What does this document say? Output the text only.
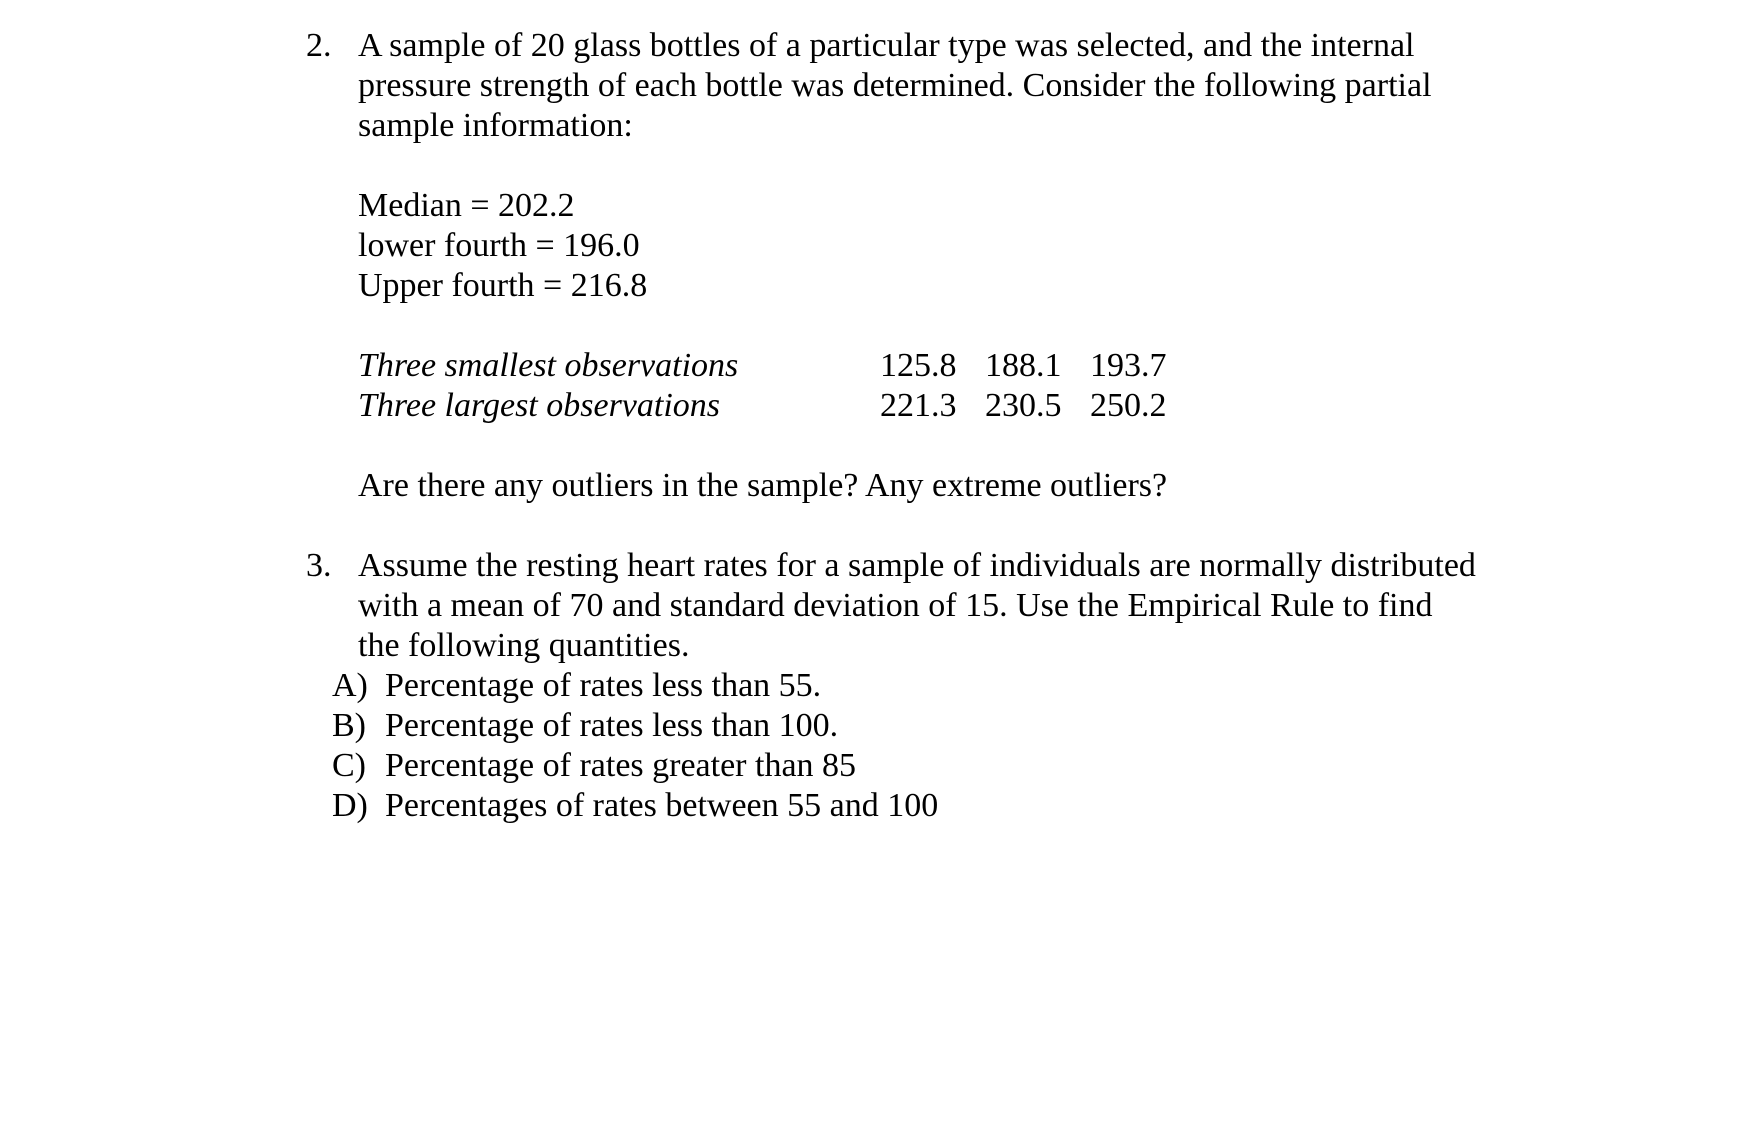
2. A sample of 20 glass bottles of a particular type was selected, and the internal
pressure strength of each bottle was determined. Consider the following partial
sample information:
Median = 202.2
lower fourth = 196.0
Upper fourth = 216.8
Three smallest observations	125.8 188.1 193.7
Three largest observations	221.3 230.5 250.2
Are there any outliers in the sample? Any extreme outliers?
3. Assume the resting heart rates for a sample of individuals are normally distributed
with a mean of 70 and standard deviation of 15. Use the Empirical Rule to find
the following quantities.
A) Percentage of rates less than 55.
B) Percentage of rates less than 100.
C) Percentage of rates greater than 85
D) Percentages of rates between 55 and 100
